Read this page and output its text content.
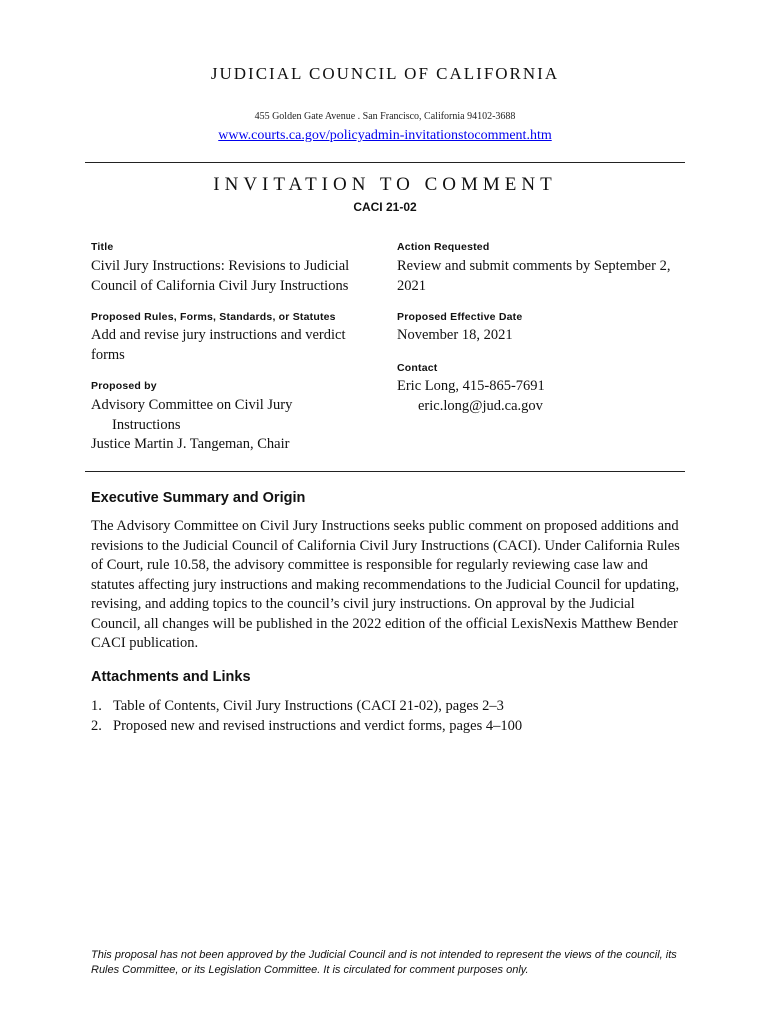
JUDICIAL COUNCIL OF CALIFORNIA
455 Golden Gate Avenue . San Francisco, California 94102-3688
www.courts.ca.gov/policyadmin-invitationstocomment.htm
INVITATION TO COMMENT
CACI 21-02
Title
Civil Jury Instructions: Revisions to Judicial Council of California Civil Jury Instructions
Proposed Rules, Forms, Standards, or Statutes
Add and revise jury instructions and verdict forms
Proposed by
Advisory Committee on Civil Jury
Instructions
Justice Martin J. Tangeman, Chair
Action Requested
Review and submit comments by September 2, 2021
Proposed Effective Date
November 18, 2021
Contact
Eric Long, 415-865-7691
eric.long@jud.ca.gov
Executive Summary and Origin
The Advisory Committee on Civil Jury Instructions seeks public comment on proposed additions and revisions to the Judicial Council of California Civil Jury Instructions (CACI). Under California Rules of Court, rule 10.58, the advisory committee is responsible for regularly reviewing case law and statutes affecting jury instructions and making recommendations to the Judicial Council for updating, revising, and adding topics to the council’s civil jury instructions. On approval by the Judicial Council, all changes will be published in the 2022 edition of the official LexisNexis Matthew Bender CACI publication.
Attachments and Links
1. Table of Contents, Civil Jury Instructions (CACI 21-02), pages 2–3
2. Proposed new and revised instructions and verdict forms, pages 4–100
This proposal has not been approved by the Judicial Council and is not intended to represent the views of the council, its Rules Committee, or its Legislation Committee. It is circulated for comment purposes only.
